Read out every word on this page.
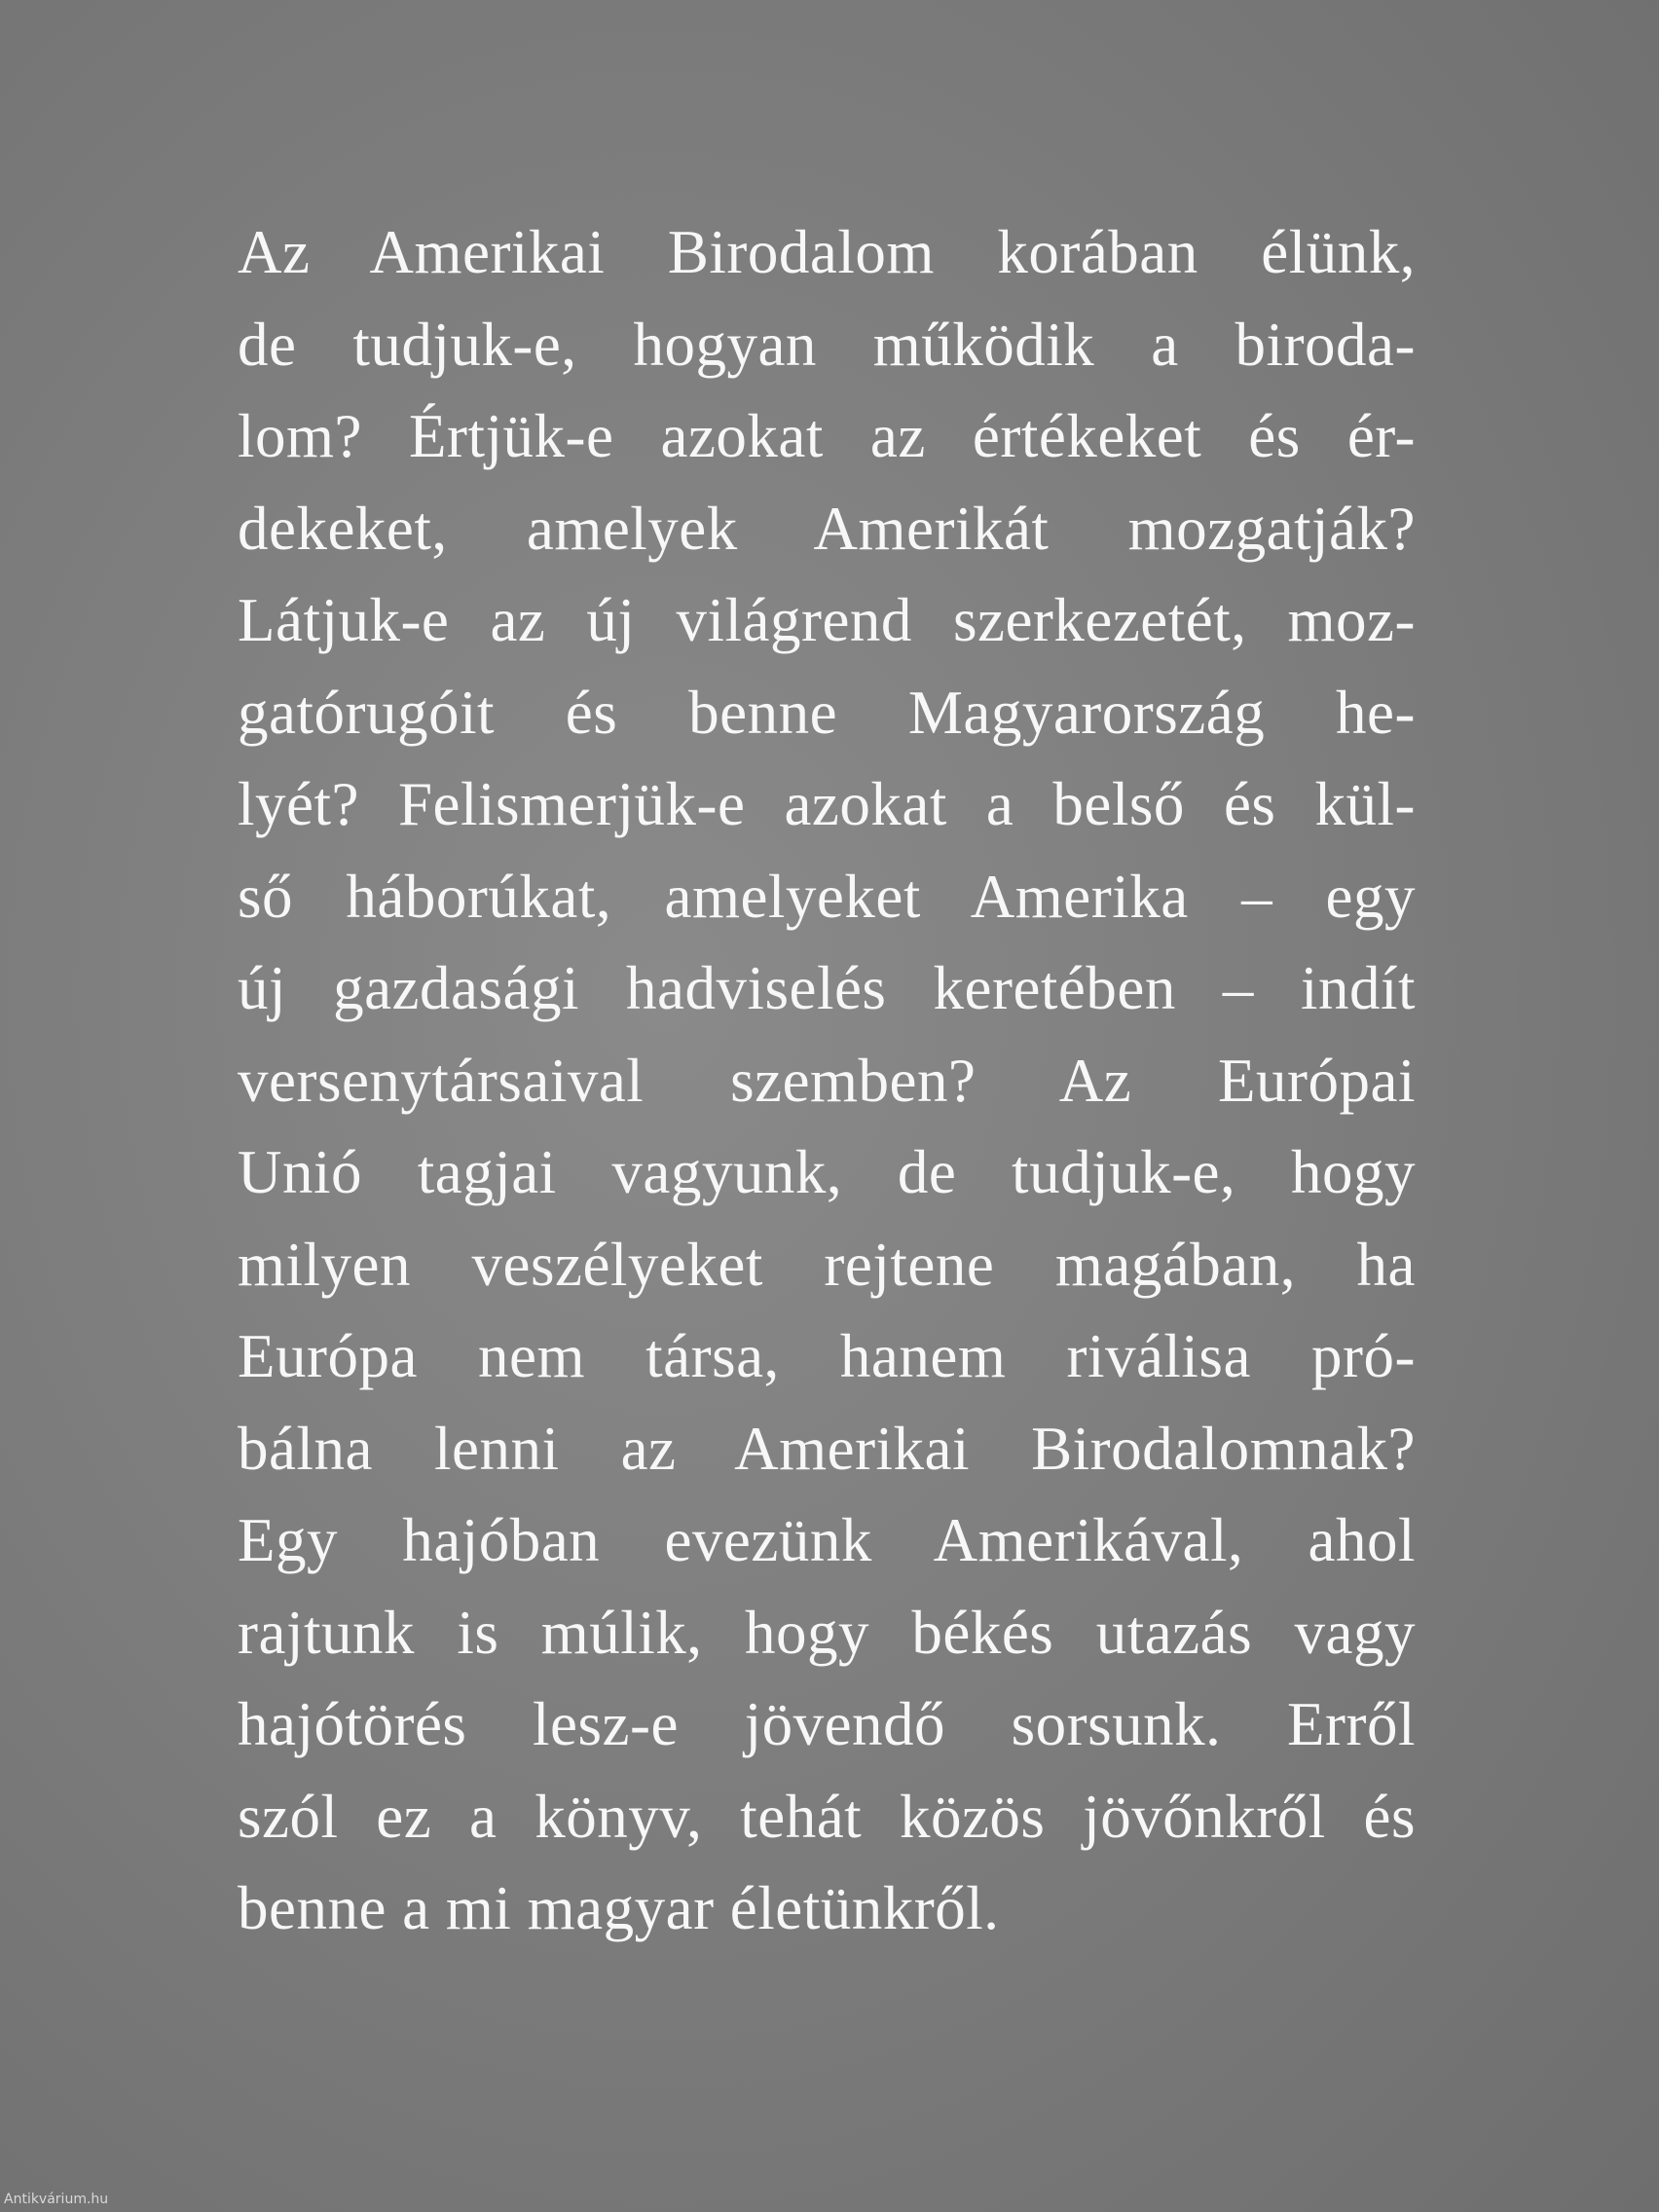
Az Amerikai Birodalom korában élünk,
de tudjuk-e, hogyan működik a biroda-
lom? Értjük-e azokat az értékeket és ér-
dekeket, amelyek Amerikát mozgatják?
Látjuk-e az új világrend szerkezetét, moz-
gatórugóit és benne Magyarország he-
lyét? Felismerjük-e azokat a belső és kül-
ső háborúkat, amelyeket Amerika – egy
új gazdasági hadviselés keretében – indít
versenytársaival szemben? Az Európai
Unió tagjai vagyunk, de tudjuk-e, hogy
milyen veszélyeket rejtene magában, ha
Európa nem társa, hanem riválisa pró-
bálna lenni az Amerikai Birodalomnak?
Egy hajóban evezünk Amerikával, ahol
rajtunk is múlik, hogy békés utazás vagy
hajótörés lesz-e jövendő sorsunk. Erről
szól ez a könyv, tehát közös jövőnkről és
benne a mi magyar életünkről.
Antikvárium.hu
